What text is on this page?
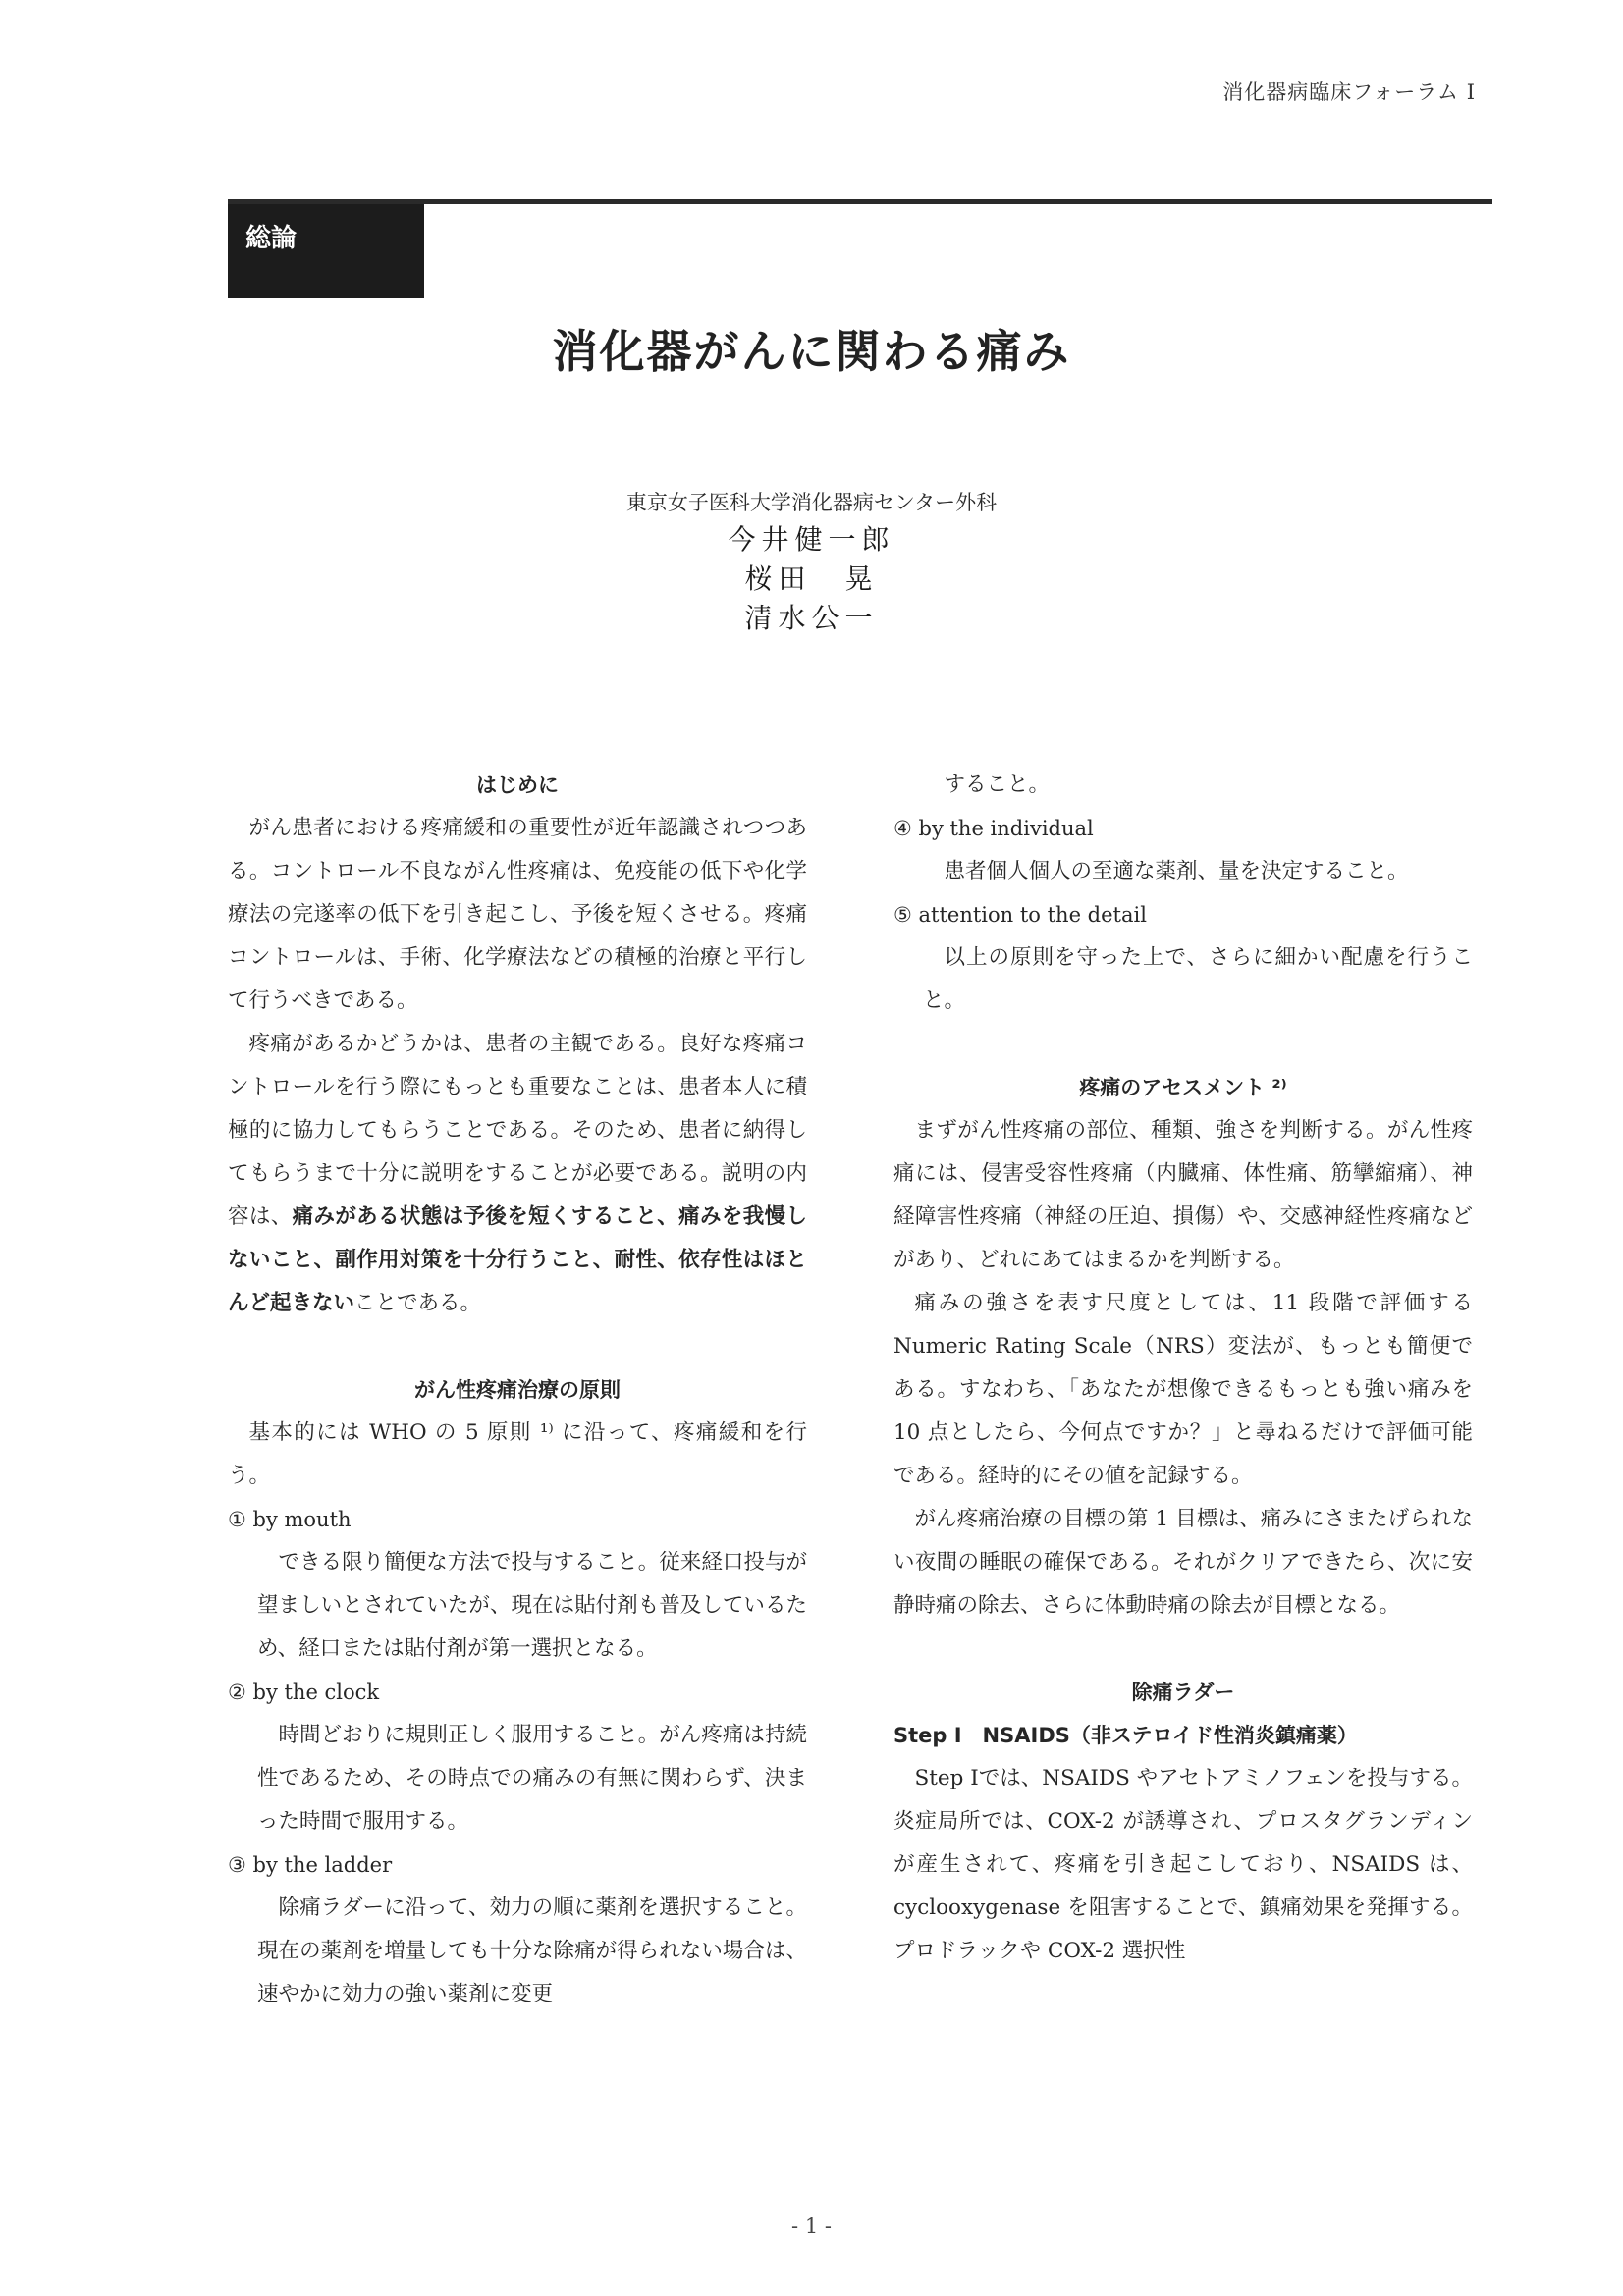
消化器病臨床フォーラム I
総論
消化器がんに関わる痛み
東京女子医科大学消化器病センター外科
今井健一郎
桜田　晃
清水公一
はじめに

がん患者における疼痛緩和の重要性が近年認識されつつある。コントロール不良ながん性疼痛は、免疫能の低下や化学療法の完遂率の低下を引き起こし、予後を短くさせる。疼痛コントロールは、手術、化学療法などの積極的治療と平行して行うべきである。

疼痛があるかどうかは、患者の主観である。良好な疼痛コントロールを行う際にもっとも重要なことは、患者本人に積極的に協力してもらうことである。そのため、患者に納得してもらうまで十分に説明をすることが必要である。説明の内容は、痛みがある状態は予後を短くすること、痛みを我慢しないこと、副作用対策を十分行うこと、耐性、依存性はほとんど起きないことである。

がん性疼痛治療の原則

基本的には WHO の 5 原則 ¹⁾ に沿って、疼痛緩和を行う。

① by mouth

できる限り簡便な方法で投与すること。従来経口投与が望ましいとされていたが、現在は貼付剤も普及しているため、経口または貼付剤が第一選択となる。

② by the clock

時間どおりに規則正しく服用すること。がん疼痛は持続性であるため、その時点での痛みの有無に関わらず、決まった時間で服用する。

③ by the ladder

除痛ラダーに沿って、効力の順に薬剤を選択すること。現在の薬剤を増量しても十分な除痛が得られない場合は、速やかに効力の強い薬剤に変更

すること。

④ by the individual

患者個人個人の至適な薬剤、量を決定すること。

⑤ attention to the detail

以上の原則を守った上で、さらに細かい配慮を行うこと。

疼痛のアセスメント ²⁾

まずがん性疼痛の部位、種類、強さを判断する。がん性疼痛には、侵害受容性疼痛（内臓痛、体性痛、筋攣縮痛）、神経障害性疼痛（神経の圧迫、損傷）や、交感神経性疼痛などがあり、どれにあてはまるかを判断する。

痛みの強さを表す尺度としては、11 段階で評価する Numeric Rating Scale（NRS）変法が、もっとも簡便である。すなわち、「あなたが想像できるもっとも強い痛みを 10 点としたら、今何点ですか？」と尋ねるだけで評価可能である。経時的にその値を記録する。

がん疼痛治療の目標の第 1 目標は、痛みにさまたげられない夜間の睡眠の確保である。それがクリアできたら、次に安静時痛の除去、さらに体動時痛の除去が目標となる。

除痛ラダー
Step Ⅰ　NSAIDS（非ステロイド性消炎鎮痛薬）

Step Ⅰでは、NSAIDS やアセトアミノフェンを投与する。炎症局所では、COX-2 が誘導され、プロスタグランディンが産生されて、疼痛を引き起こしており、NSAIDS は、cyclooxygenase を阻害することで、鎮痛効果を発揮する。プロドラックや COX-2 選択性

- 1 -
